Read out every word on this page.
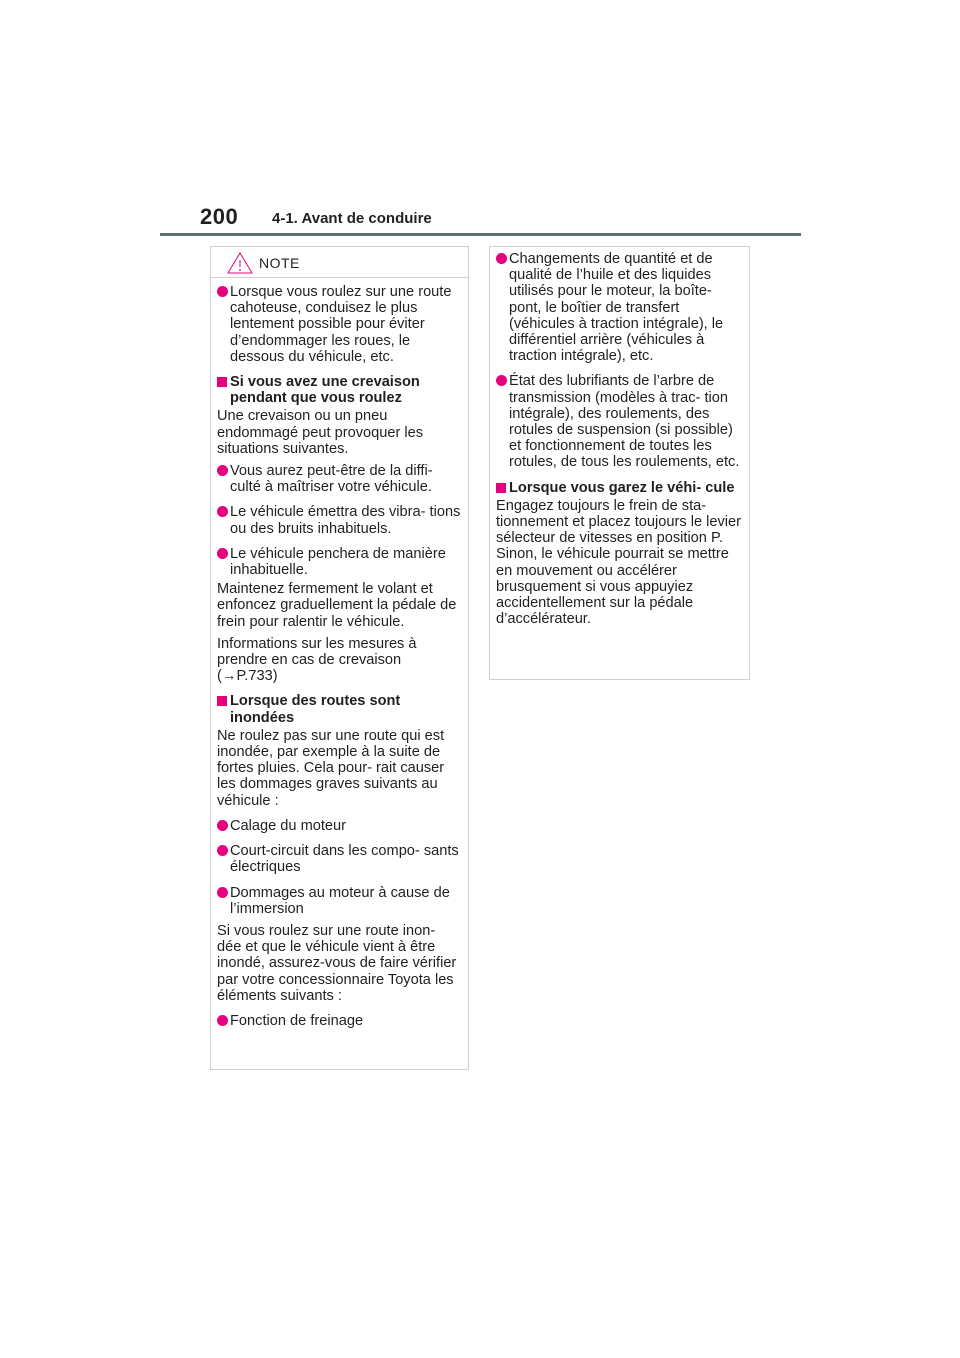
200 4-1. Avant de conduire
NOTE
Lorsque vous roulez sur une route cahoteuse, conduisez le plus lentement possible pour éviter d’endommager les roues, le dessous du véhicule, etc.
Si vous avez une crevaison pendant que vous roulez
Une crevaison ou un pneu endommagé peut provoquer les situations suivantes.
Vous aurez peut-être de la diffi- culté à maîtriser votre véhicule.
Le véhicule émettra des vibra- tions ou des bruits inhabituels.
Le véhicule penchera de manière inhabituelle.
Maintenez fermement le volant et enfoncez graduellement la pédale de frein pour ralentir le véhicule.
Informations sur les mesures à prendre en cas de crevaison (→P.733)
Lorsque des routes sont inondées
Ne roulez pas sur une route qui est inondée, par exemple à la suite de fortes pluies. Cela pour- rait causer les dommages graves suivants au véhicule :
Calage du moteur
Court-circuit dans les compo- sants électriques
Dommages au moteur à cause de l’immersion
Si vous roulez sur une route inon- dée et que le véhicule vient à être inondé, assurez-vous de faire vérifier par votre concessionnaire Toyota les éléments suivants :
Fonction de freinage
Changements de quantité et de qualité de l’huile et des liquides utilisés pour le moteur, la boîte- pont, le boîtier de transfert (véhicules à traction intégrale), le différentiel arrière (véhicules à traction intégrale), etc.
État des lubrifiants de l’arbre de transmission (modèles à trac- tion intégrale), des roulements, des rotules de suspension (si possible) et fonctionnement de toutes les rotules, de tous les roulements, etc.
Lorsque vous garez le véhi- cule
Engagez toujours le frein de sta- tionnement et placez toujours le levier sélecteur de vitesses en position P. Sinon, le véhicule pourrait se mettre en mouvement ou accélérer brusquement si vous appuyiez accidentellement sur la pédale d’accélérateur.
